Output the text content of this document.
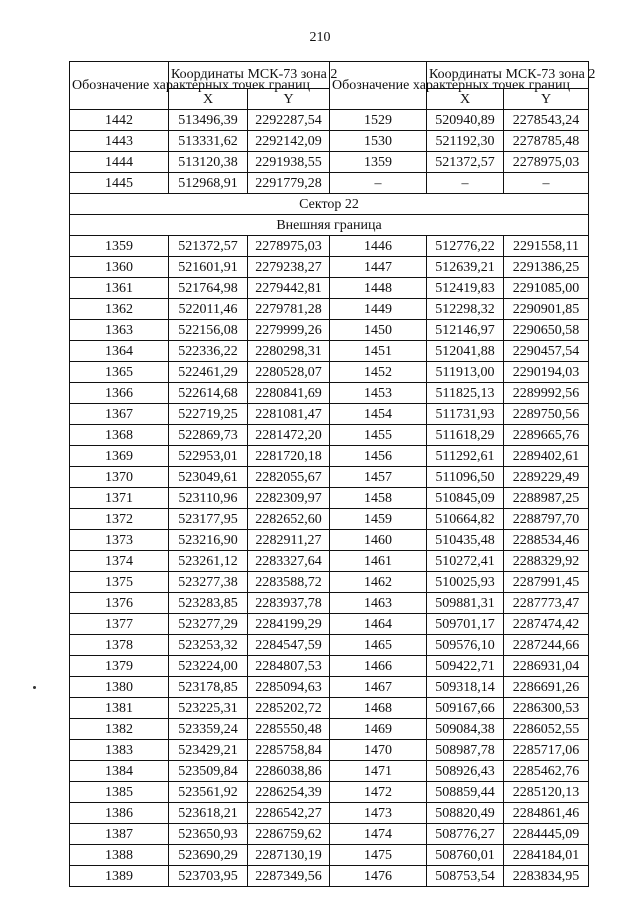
210
Обозначение характерных точек границ	Координаты МСК-73 зона 2		Обозначение характерных точек границ	Координаты МСК-73 зона 2	
	X	Y		X	Y
1442	513496,39	2292287,54	1529	520940,89	2278543,24
1443	513331,62	2292142,09	1530	521192,30	2278785,48
1444	513120,38	2291938,55	1359	521372,57	2278975,03
1445	512968,91	2291779,28	–	–	–
Сектор 22					
Внешняя граница					
1359	521372,57	2278975,03	1446	512776,22	2291558,11
1360	521601,91	2279238,27	1447	512639,21	2291386,25
1361	521764,98	2279442,81	1448	512419,83	2291085,00
1362	522011,46	2279781,28	1449	512298,32	2290901,85
1363	522156,08	2279999,26	1450	512146,97	2290650,58
1364	522336,22	2280298,31	1451	512041,88	2290457,54
1365	522461,29	2280528,07	1452	511913,00	2290194,03
1366	522614,68	2280841,69	1453	511825,13	2289992,56
1367	522719,25	2281081,47	1454	511731,93	2289750,56
1368	522869,73	2281472,20	1455	511618,29	2289665,76
1369	522953,01	2281720,18	1456	511292,61	2289402,61
1370	523049,61	2282055,67	1457	511096,50	2289229,49
1371	523110,96	2282309,97	1458	510845,09	2288987,25
1372	523177,95	2282652,60	1459	510664,82	2288797,70
1373	523216,90	2282911,27	1460	510435,48	2288534,46
1374	523261,12	2283327,64	1461	510272,41	2288329,92
1375	523277,38	2283588,72	1462	510025,93	2287991,45
1376	523283,85	2283937,78	1463	509881,31	2287773,47
1377	523277,29	2284199,29	1464	509701,17	2287474,42
1378	523253,32	2284547,59	1465	509576,10	2287244,66
1379	523224,00	2284807,53	1466	509422,71	2286931,04
1380	523178,85	2285094,63	1467	509318,14	2286691,26
1381	523225,31	2285202,72	1468	509167,66	2286300,53
1382	523359,24	2285550,48	1469	509084,38	2286052,55
1383	523429,21	2285758,84	1470	508987,78	2285717,06
1384	523509,84	2286038,86	1471	508926,43	2285462,76
1385	523561,92	2286254,39	1472	508859,44	2285120,13
1386	523618,21	2286542,27	1473	508820,49	2284861,46
1387	523650,93	2286759,62	1474	508776,27	2284445,09
1388	523690,29	2287130,19	1475	508760,01	2284184,01
1389	523703,95	2287349,56	1476	508753,54	2283834,95
